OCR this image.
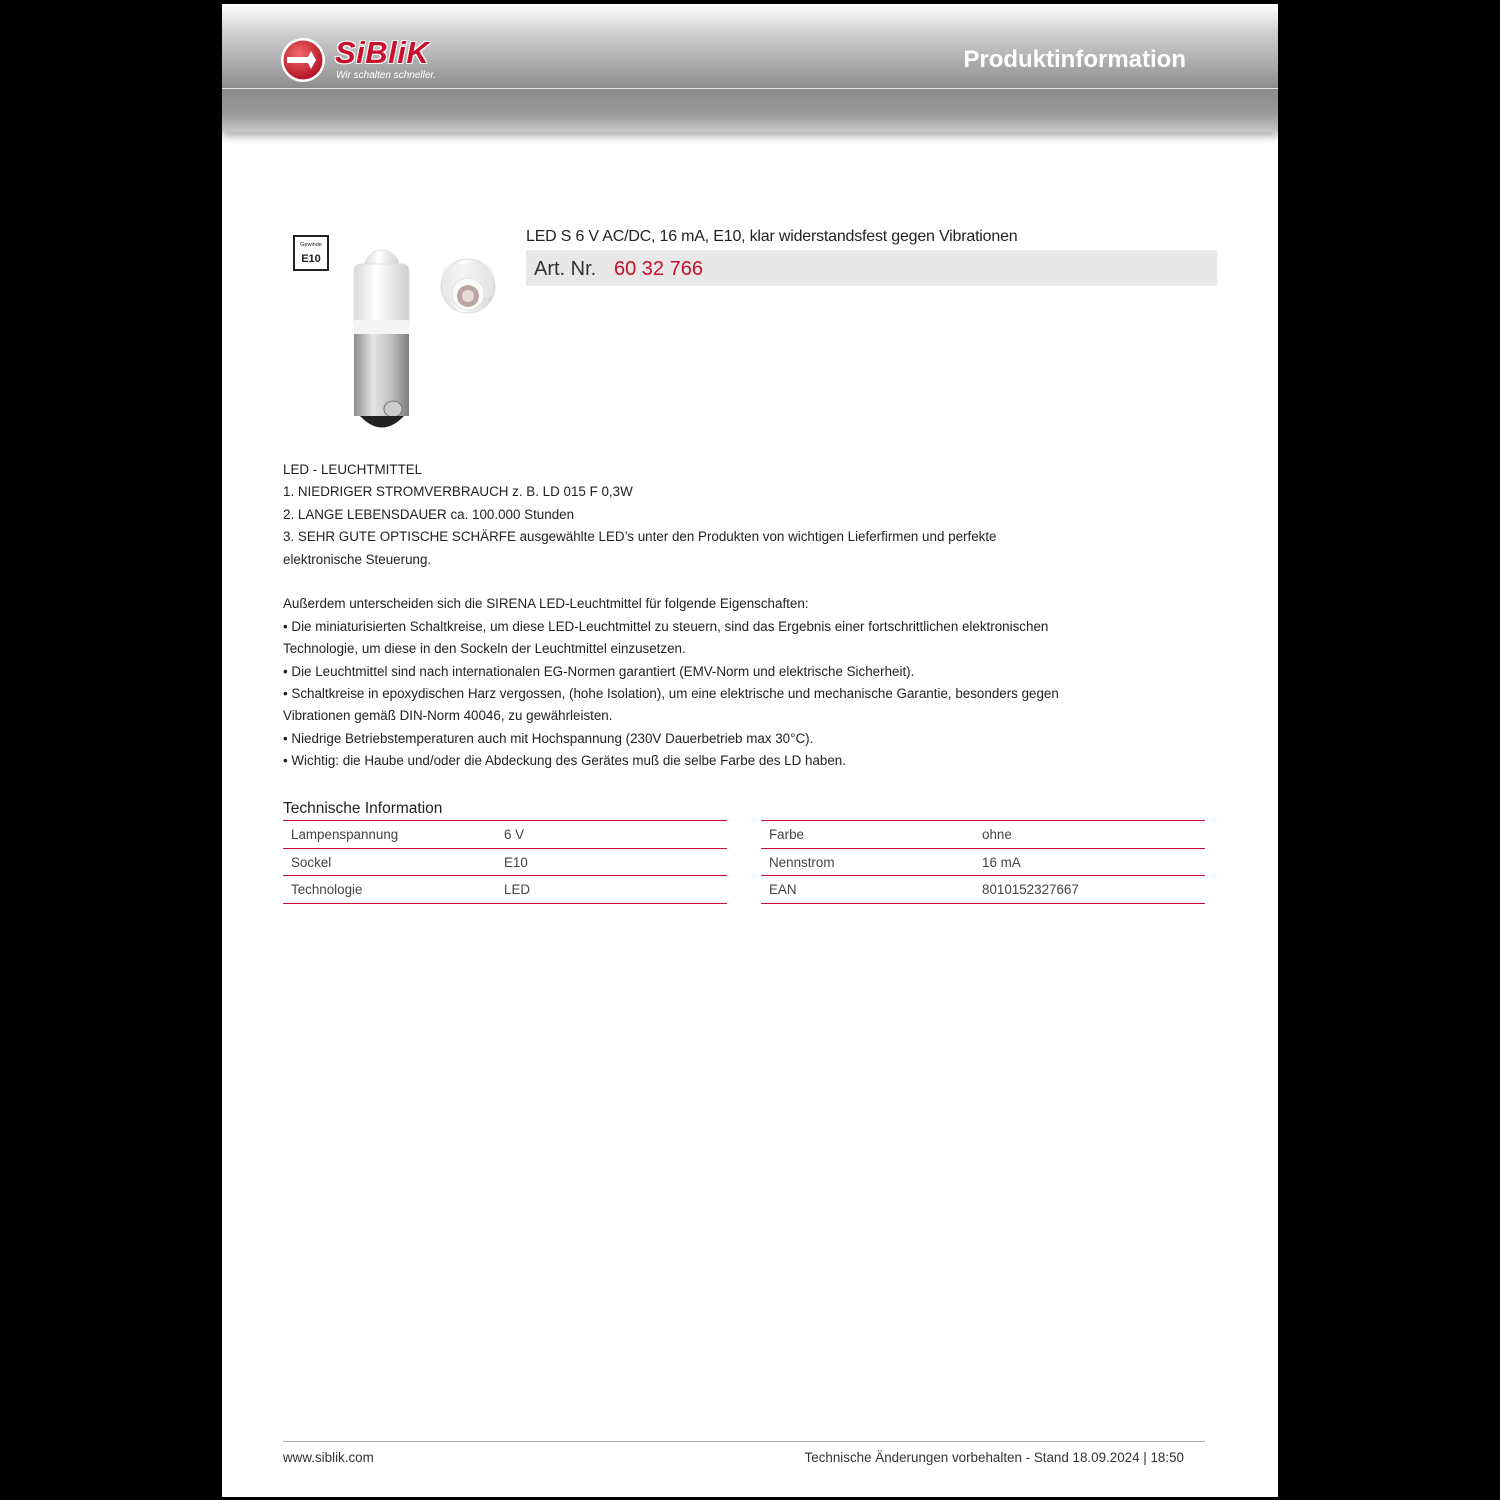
SiBliK
Wir schalten schneller.
Produktinformation
Gewinde
E10
LED S 6 V AC/DC, 16 mA, E10, klar widerstandsfest gegen Vibrationen
Art. Nr. 60 32 766

LED - LEUCHTMITTEL

1. NIEDRIGER STROMVERBRAUCH z. B. LD 015 F 0,3W

2. LANGE LEBENSDAUER ca. 100.000 Stunden

3. SEHR GUTE OPTISCHE SCHÄRFE ausgewählte LED’s unter den Produkten von wichtigen Lieferfirmen und perfekte

elektronische Steuerung.

Außerdem unterscheiden sich die SIRENA LED-Leuchtmittel für folgende Eigenschaften:

• Die miniaturisierten Schaltkreise, um diese LED-Leuchtmittel zu steuern, sind das Ergebnis einer fortschrittlichen elektronischen

Technologie, um diese in den Sockeln der Leuchtmittel einzusetzen.

• Die Leuchtmittel sind nach internationalen EG-Normen garantiert (EMV-Norm und elektrische Sicherheit).

• Schaltkreise in epoxydischen Harz vergossen, (hohe Isolation), um eine elektrische und mechanische Garantie, besonders gegen

Vibrationen gemäß DIN-Norm 40046, zu gewährleisten.

• Niedrige Betriebstemperaturen auch mit Hochspannung (230V Dauerbetrieb max 30°C).

• Wichtig: die Haube und/oder die Abdeckung des Gerätes muß die selbe Farbe des LD haben.

Technische Information
Lampenspannung	6 V
Sockel	E10
Technologie	LED
Farbe	ohne
Nennstrom	16 mA
EAN	8010152327667
www.siblik.com	Technische Änderungen vorbehalten - Stand 18.09.2024 | 18:50
